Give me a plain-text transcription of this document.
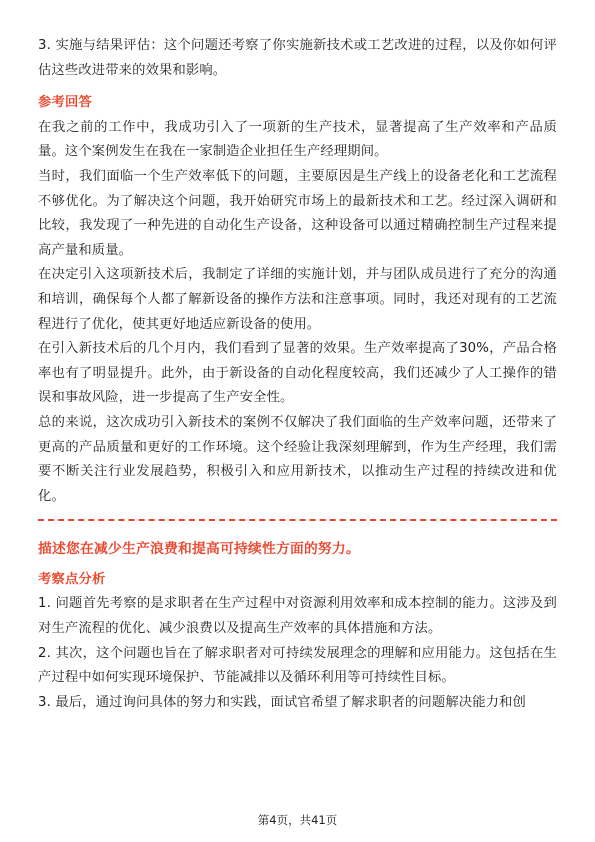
3. 实施与结果评估：这个问题还考察了你实施新技术或工艺改进的过程，以及你如何评估这些改进带来的效果和影响。

参考回答

在我之前的工作中，我成功引入了一项新的生产技术，显著提高了生产效率和产品质量。这个案例发生在我在一家制造企业担任生产经理期间。

当时，我们面临一个生产效率低下的问题，主要原因是生产线上的设备老化和工艺流程不够优化。为了解决这个问题，我开始研究市场上的最新技术和工艺。经过深入调研和比较，我发现了一种先进的自动化生产设备，这种设备可以通过精确控制生产过程来提高产量和质量。

在决定引入这项新技术后，我制定了详细的实施计划，并与团队成员进行了充分的沟通和培训，确保每个人都了解新设备的操作方法和注意事项。同时，我还对现有的工艺流程进行了优化，使其更好地适应新设备的使用。

在引入新技术后的几个月内，我们看到了显著的效果。生产效率提高了30%，产品合格率也有了明显提升。此外，由于新设备的自动化程度较高，我们还减少了人工操作的错误和事故风险，进一步提高了生产安全性。

总的来说，这次成功引入新技术的案例不仅解决了我们面临的生产效率问题，还带来了更高的产品质量和更好的工作环境。这个经验让我深刻理解到，作为生产经理，我们需要不断关注行业发展趋势，积极引入和应用新技术，以推动生产过程的持续改进和优化。

描述您在减少生产浪费和提高可持续性方面的努力。

考察点分析

1. 问题首先考察的是求职者在生产过程中对资源利用效率和成本控制的能力。这涉及到对生产流程的优化、减少浪费以及提高生产效率的具体措施和方法。

2. 其次，这个问题也旨在了解求职者对可持续发展理念的理解和应用能力。这包括在生产过程中如何实现环境保护、节能减排以及循环利用等可持续性目标。

3. 最后，通过询问具体的努力和实践，面试官希望了解求职者的问题解决能力和创

第4页，共41页
